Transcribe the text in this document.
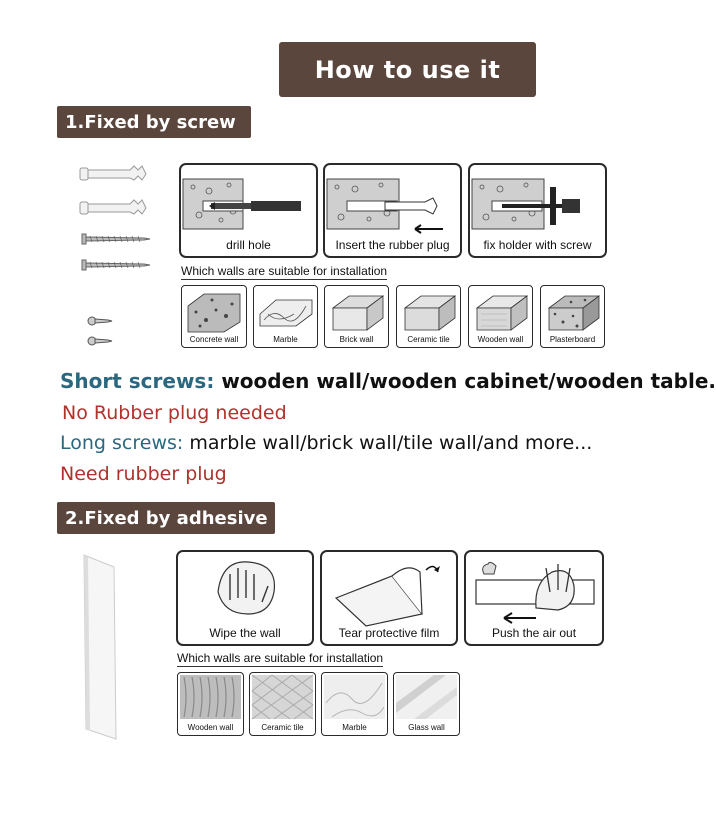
How to use it
1.Fixed by screw
drill hole	Insert the rubber plug	fix holder with screw
Which walls are suitable for installation
Concrete wall	Marble	Brick wall	Ceramic tile	Wooden wall	Plasterboard
Short screws: wooden wall/wooden cabinet/wooden table.
No Rubber plug needed
Long screws: marble wall/brick wall/tile wall/and more...
Need rubber plug
2.Fixed by adhesive
Wipe the wall	Tear protective film	Push the air out
Which walls are suitable for installation
Wooden wall	Ceramic tile	Marble	Glass wall
